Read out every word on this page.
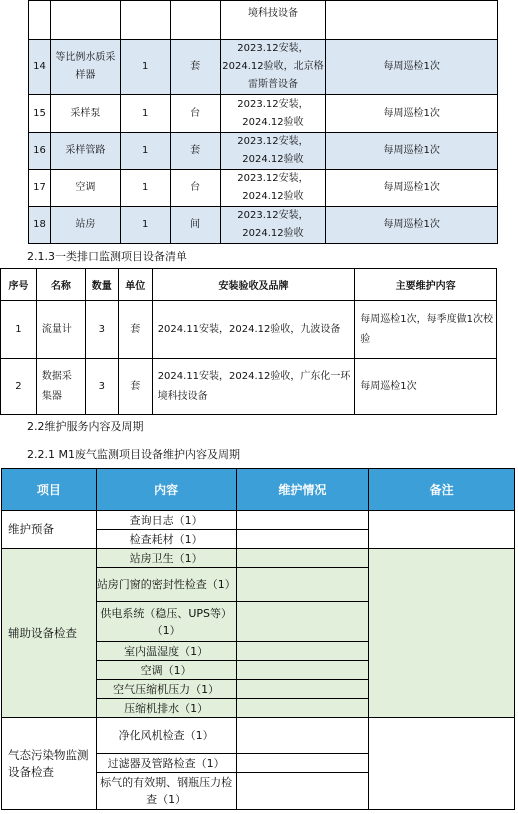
				境科技设备	
14	等比例水质采样器	1	套	2023.12安装，2024.12验收，北京格雷斯普设备	每周巡检1次
15	采样泵	1	台	2023.12安装，2024.12验收	每周巡检1次
16	采样管路	1	套	2023.12安装，2024.12验收	每周巡检1次
17	空调	1	台	2023.12安装，2024.12验收	每周巡检1次
18	站房	1	间	2023.12安装，2024.12验收	每周巡检1次
2.1.3一类排口监测项目设备清单
序号	名称	数量	单位	安装验收及品牌	主要维护内容
1	流量计	3	套	2024.11安装，2024.12验收，九波设备	每周巡检1次，每季度做1次校验
2	数据采集器	3	套	2024.11安装，2024.12验收，广东化一环境科技设备	每周巡检1次
2.2维护服务内容及周期
2.2.1 M1废气监测项目设备维护内容及周期
项目	内容	维护情况	备注
维护预备	查询日志（1）		
	检查耗材（1）		
辅助设备检查	站房卫生（1）		
	站房门窗的密封性检查（1）		
	供电系统（稳压、UPS等）（1）		
	室内温湿度（1）		
	空调（1）		
	空气压缩机压力（1）		
	压缩机排水（1）		
气态污染物监测设备检查	净化风机检查（1）		
	过滤器及管路检查（1）		
	标气的有效期、钢瓶压力检查（1）		
